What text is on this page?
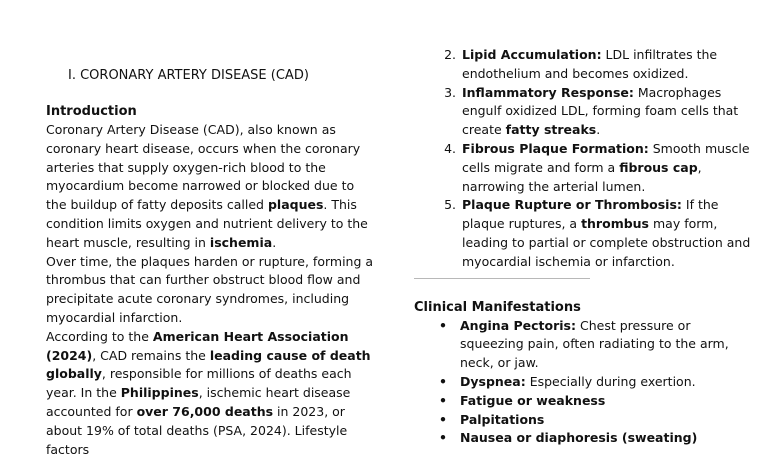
I. CORONARY ARTERY DISEASE (CAD)
Introduction

Coronary Artery Disease (CAD), also known as coronary heart disease, occurs when the coronary arteries that supply oxygen-rich blood to the myocardium become narrowed or blocked due to the buildup of fatty deposits called plaques. This condition limits oxygen and nutrient delivery to the heart muscle, resulting in ischemia.

Over time, the plaques harden or rupture, forming a thrombus that can further obstruct blood flow and precipitate acute coronary syndromes, including myocardial infarction.

According to the American Heart Association (2024), CAD remains the leading cause of death globally, responsible for millions of deaths each year. In the Philippines, ischemic heart disease accounted for over 76,000 deaths in 2023, or about 19% of total deaths (PSA, 2024). Lifestyle factors

2. Lipid Accumulation: LDL infiltrates the endothelium and becomes oxidized.
3. Inflammatory Response: Macrophages engulf oxidized LDL, forming foam cells that create fatty streaks.
4. Fibrous Plaque Formation: Smooth muscle cells migrate and form a fibrous cap, narrowing the arterial lumen.
5. Plaque Rupture or Thrombosis: If the plaque ruptures, a thrombus may form, leading to partial or complete obstruction and myocardial ischemia or infarction.
Clinical Manifestations
• Angina Pectoris: Chest pressure or squeezing pain, often radiating to the arm, neck, or jaw.
• Dyspnea: Especially during exertion.
• Fatigue or weakness
• Palpitations
• Nausea or diaphoresis (sweating)
